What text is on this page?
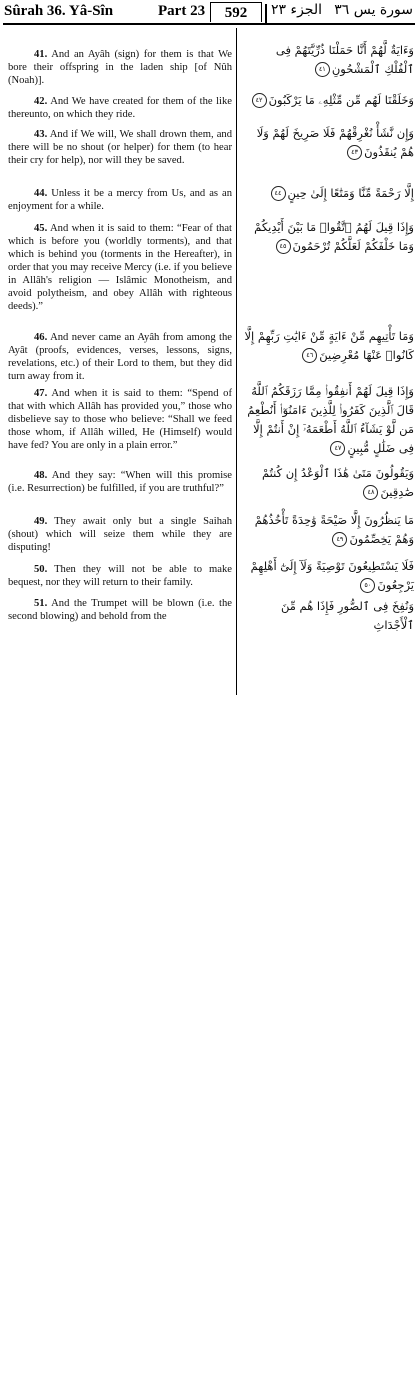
Sûrah 36. Yâ-Sîn	Part 23	592	الجزء ٢٣ سورة يس ٣٦
41. And an Ayâh (sign) for them is that We bore their offspring in the laden ship [of Nûh (Noah)].
وَءَايَةٌ لَّهُمْ أَنَّا حَمَلْنَا ذُرِّيَّتَهُمْ فِى ٱلْفُلْكِ ٱلْمَشْحُونِ٤١
42. And We have created for them of the like thereunto, on which they ride.
وَخَلَقْنَا لَهُم مِّن مِّثْلِهِۦ مَا يَرْكَبُونَ٤٢
43. And if We will, We shall drown them, and there will be no shout (or helper) for them (to hear their cry for help), nor will they be saved.
وَإِن نَّشَأْ نُغْرِقْهُمْ فَلَا صَرِيخَ لَهُمْ وَلَا هُمْ يُنقَذُونَ٤٣
44. Unless it be a mercy from Us, and as an enjoyment for a while.
إِلَّا رَحْمَةً مِّنَّا وَمَتَٰعًا إِلَىٰ حِينٍ٤٤
45. And when it is said to them: “Fear of that which is before you (worldly torments), and that which is behind you (torments in the Hereafter), in order that you may receive Mercy (i.e. if you believe in Allâh's religion — Islâmic Monotheism, and avoid polytheism, and obey Allâh with righteous deeds).”
وَإِذَا قِيلَ لَهُمُ ٱتَّقُوا۟ مَا بَيْنَ أَيْدِيكُمْ وَمَا خَلْفَكُمْ لَعَلَّكُمْ تُرْحَمُونَ٤٥
46. And never came an Ayâh from among the Ayât (proofs, evidences, verses, lessons, signs, revelations, etc.) of their Lord to them, but they did turn away from it.
وَمَا تَأْتِيهِم مِّنْ ءَايَةٍ مِّنْ ءَايَٰتِ رَبِّهِمْ إِلَّا كَانُوا۟ عَنْهَا مُعْرِضِينَ٤٦
47. And when it is said to them: “Spend of that with which Allâh has provided you,” those who disbelieve say to those who believe: “Shall we feed those whom, if Allâh willed, He (Himself) would have fed? You are only in a plain error.”
وَإِذَا قِيلَ لَهُمْ أَنفِقُوا۟ مِمَّا رَزَقَكُمُ ٱللَّهُ قَالَ ٱلَّذِينَ كَفَرُوا۟ لِلَّذِينَ ءَامَنُوٓا۟ أَنُطْعِمُ مَن لَّوْ يَشَآءُ ٱللَّهُ أَطْعَمَهُۥٓ إِنْ أَنتُمْ إِلَّا فِى ضَلَٰلٍ مُّبِينٍ٤٧
48. And they say: “When will this promise (i.e. Resurrection) be fulfilled, if you are truthful?”
وَيَقُولُونَ مَتَىٰ هَٰذَا ٱلْوَعْدُ إِن كُنتُمْ صَٰدِقِينَ٤٨
49. They await only but a single Saihah (shout) which will seize them while they are disputing!
مَا يَنظُرُونَ إِلَّا صَيْحَةً وَٰحِدَةً تَأْخُذُهُمْ وَهُمْ يَخِصِّمُونَ٤٩
50. Then they will not be able to make bequest, nor they will return to their family.
فَلَا يَسْتَطِيعُونَ تَوْصِيَةً وَلَآ إِلَىٰٓ أَهْلِهِمْ يَرْجِعُونَ٥٠
51. And the Trumpet will be blown (i.e. the second blowing) and behold from the
وَنُفِخَ فِى ٱلصُّورِ فَإِذَا هُم مِّنَ ٱلْأَجْدَاثِ
